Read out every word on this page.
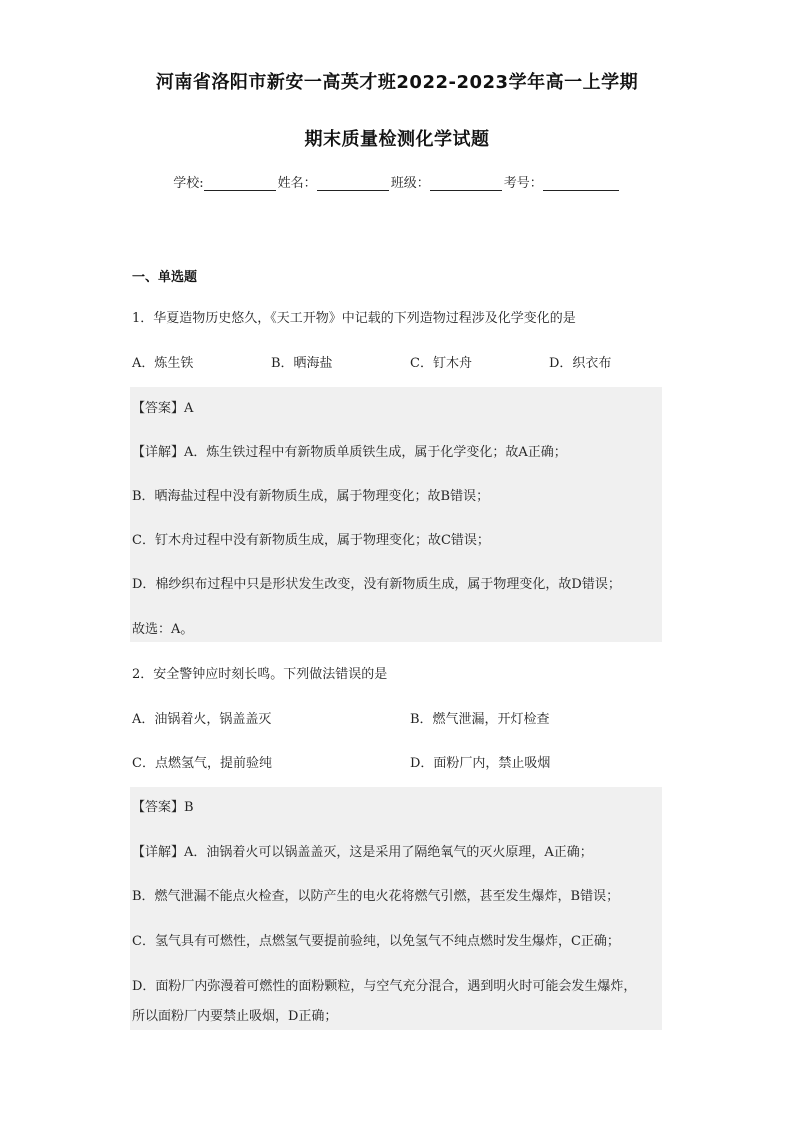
河南省洛阳市新安一高英才班2022-2023学年高一上学期
期末质量检测化学试题
学校:	姓名：	班级：	考号：
一、单选题
1．华夏造物历史悠久，《天工开物》中记载的下列造物过程涉及化学变化的是
A．炼生铁	B．晒海盐	C．钉木舟	D．织衣布
【答案】A
【详解】A．炼生铁过程中有新物质单质铁生成，属于化学变化；故A正确；
B．晒海盐过程中没有新物质生成，属于物理变化；故B错误；
C．钉木舟过程中没有新物质生成，属于物理变化；故C错误；
D．棉纱织布过程中只是形状发生改变，没有新物质生成，属于物理变化，故D错误；
故选：A。
2．安全警钟应时刻长鸣。下列做法错误的是
A．油锅着火，锅盖盖灭	B．燃气泄漏，开灯检查
C．点燃氢气，提前验纯	D．面粉厂内，禁止吸烟
【答案】B
【详解】A．油锅着火可以锅盖盖灭，这是采用了隔绝氧气的灭火原理，A正确；
B．燃气泄漏不能点火检查，以防产生的电火花将燃气引燃，甚至发生爆炸，B错误；
C．氢气具有可燃性，点燃氢气要提前验纯，以免氢气不纯点燃时发生爆炸，C正确；
D．面粉厂内弥漫着可燃性的面粉颗粒，与空气充分混合，遇到明火时可能会发生爆炸，
所以面粉厂内要禁止吸烟，D正确；
